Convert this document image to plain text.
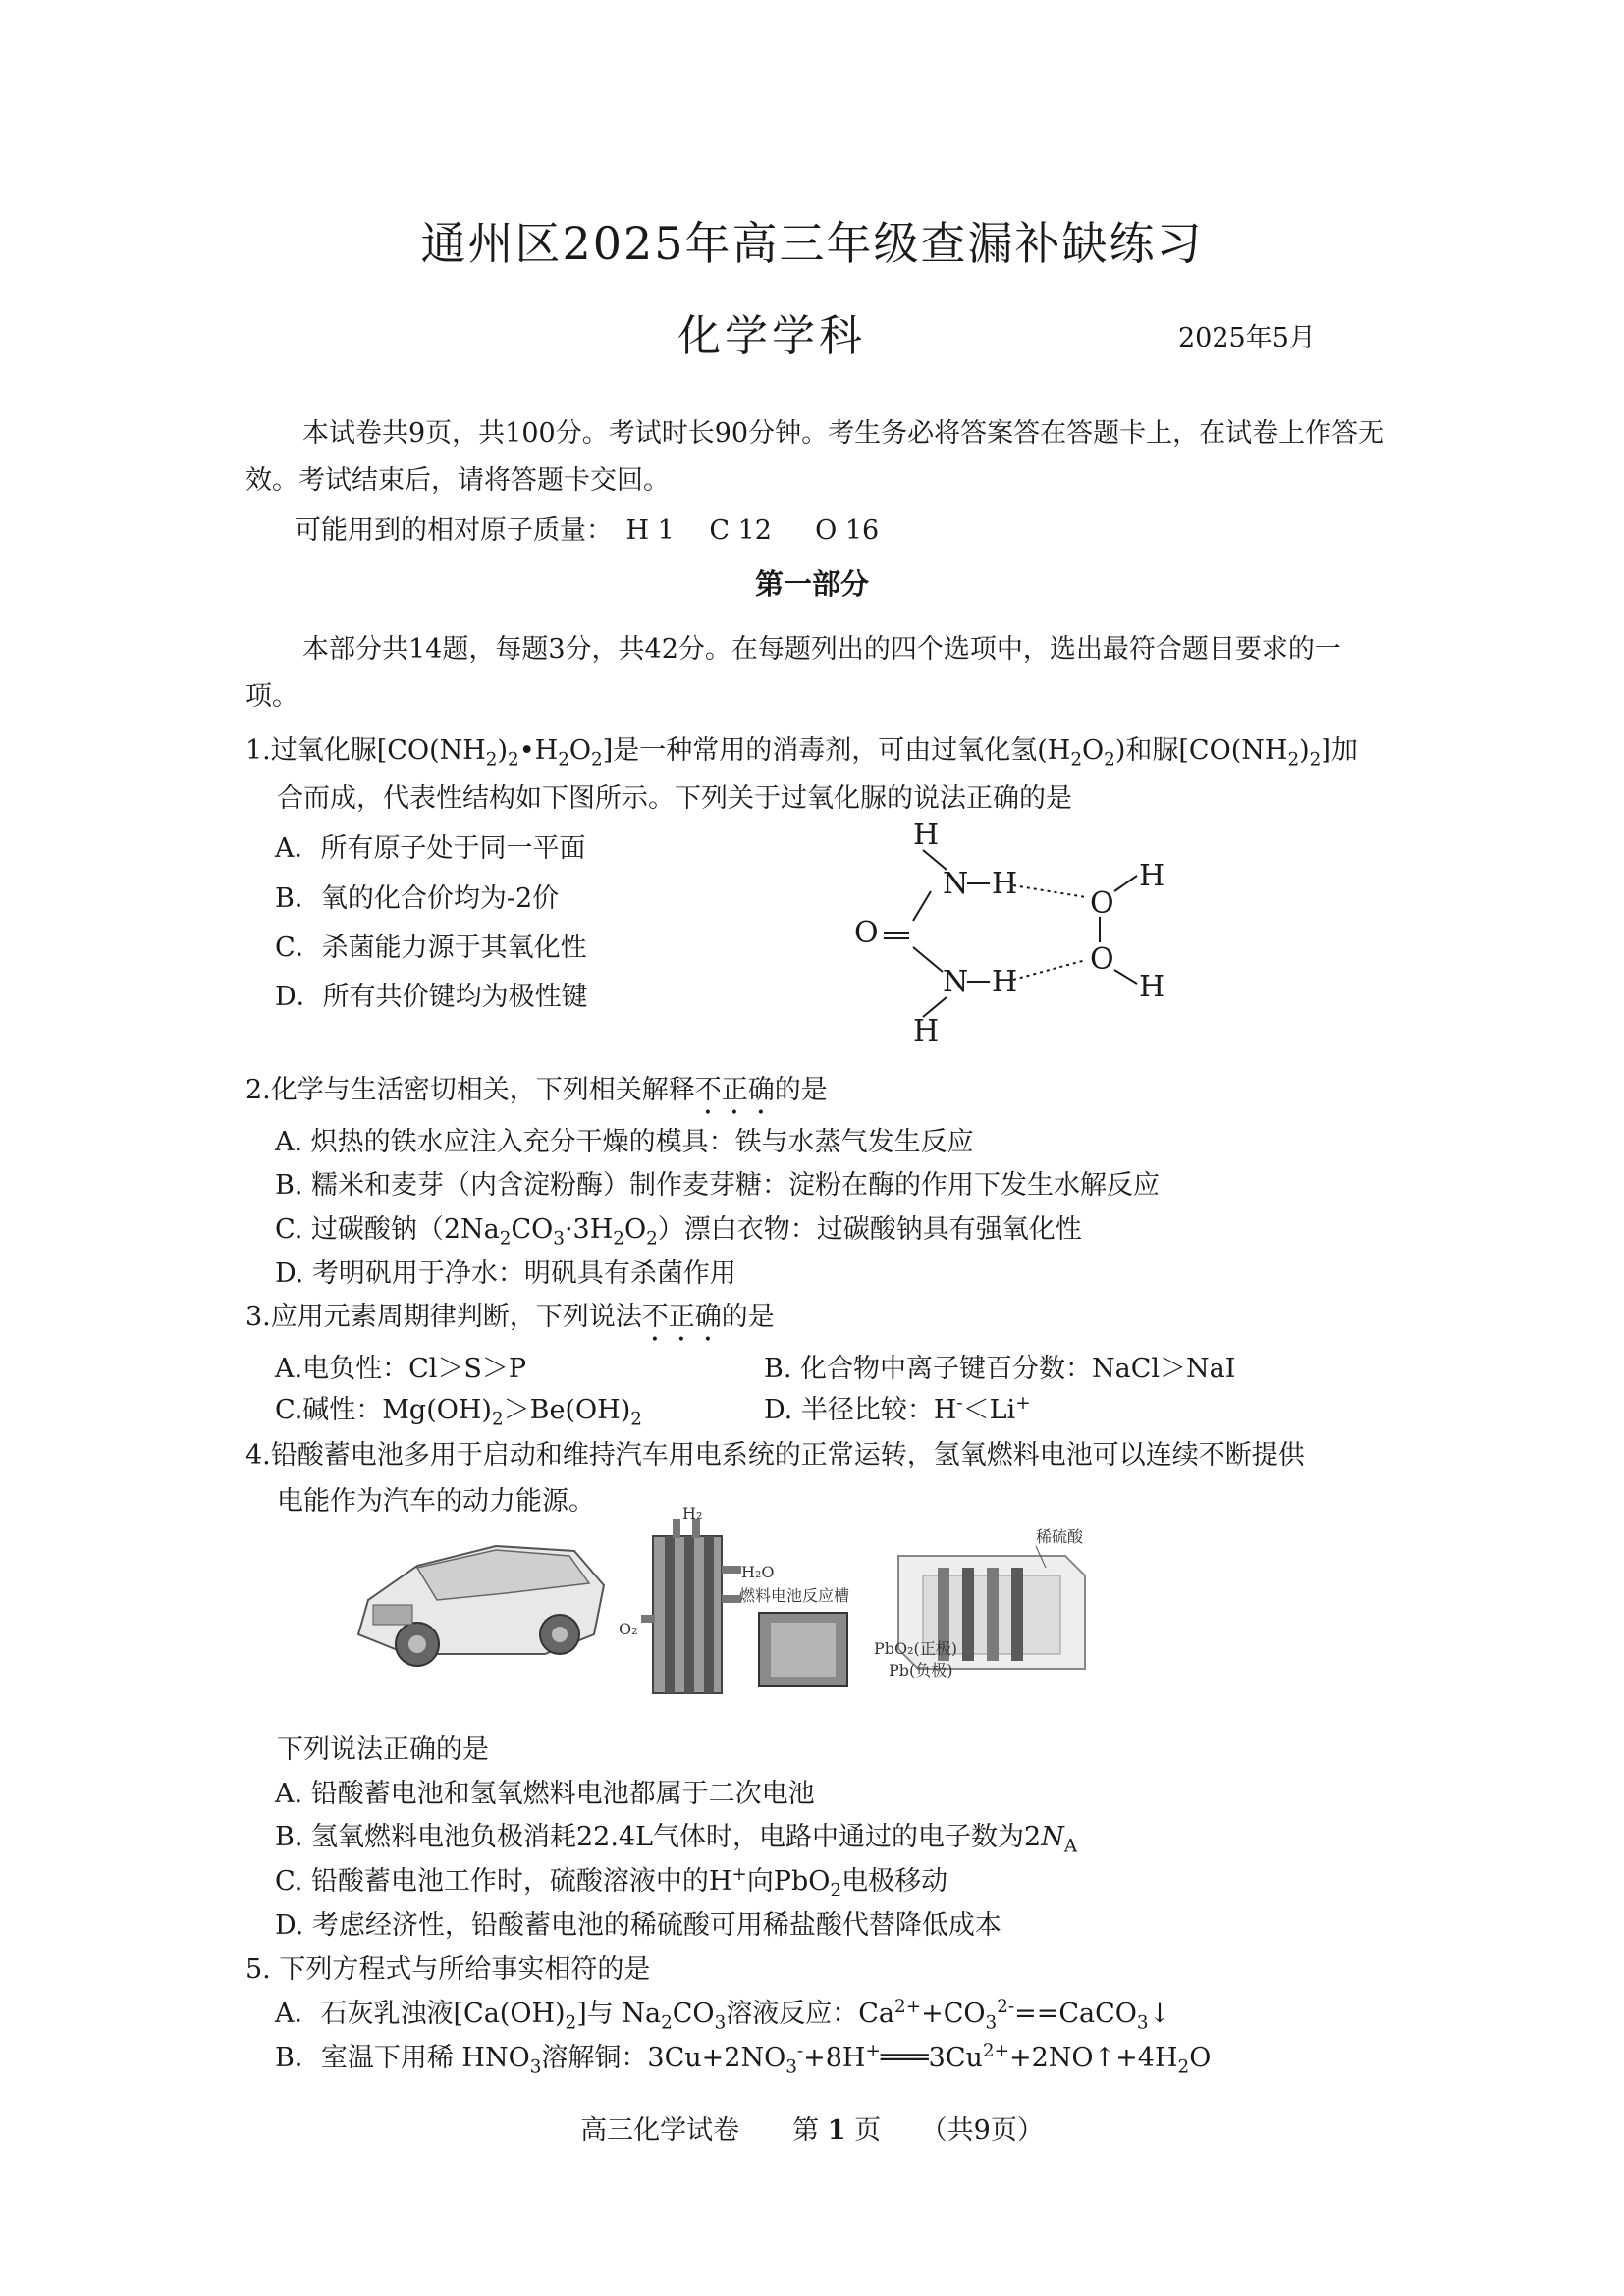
通州区2025年高三年级查漏补缺练习
化学学科	2025年5月
本试卷共9页，共100分。考试时长90分钟。考生务必将答案答在答题卡上，在试卷上作答无效。考试结束后，请将答题卡交回。
可能用到的相对原子质量：　H 1　 C 12 　 O 16
第一部分
本部分共14题，每题3分，共42分。在每题列出的四个选项中，选出最符合题目要求的一项。
1.过氧化脲$[CO(NH_2)_2•H_2O_2]$是一种常用的消毒剂，可由过氧化氢$(H_2O_2)$和脲$[CO(NH_2)_2]$加
合而成，代表性结构如下图所示。下列关于过氧化脲的说法正确的是
A．所有原子处于同一平面
B．氧的化合价均为-2价
C．杀菌能力源于其氧化性
D．所有共价键均为极性键
H
N H
O
N H
H
O
O
H
H
2.化学与生活密切相关，下列相关解释不正确的是
A. 炽热的铁水应注入充分干燥的模具：铁与水蒸气发生反应
B. 糯米和麦芽（内含淀粉酶）制作麦芽糖：淀粉在酶的作用下发生水解反应
C. 过碳酸钠$(2Na_2CO_3\cdot 3H_2O_2)$漂白衣物：过碳酸钠具有强氧化性
D. 考明矾用于净水：明矾具有杀菌作用
3.应用元素周期律判断，下列说法不正确的是
A.电负性：Cl＞S＞P	B. 化合物中离子键百分数：NaCl＞NaI
C.碱性：$Mg(OH)_2>Be(OH)_2$	D. 半径比较：H-＜Li+
4.铅酸蓄电池多用于启动和维持汽车用电系统的正常运转，氢氧燃料电池可以连续不断提供
电能作为汽车的动力能源。	H₂
H₂O
O₂
燃料电池反应槽
稀硫酸
PbO₂(正极)
Pb(负极)
下列说法正确的是
A. 铅酸蓄电池和氢氧燃料电池都属于二次电池
B. 氢氧燃料电池负极消耗22.4L气体时，电路中通过的电子数为$2N_A$
C. 铅酸蓄电池工作时，硫酸溶液中的H+向PbO$_2$电极移动
D. 考虑经济性，铅酸蓄电池的稀硫酸可用稀盐酸代替降低成本
5. 下列方程式与所给事实相符的是
A．石灰乳浊液$[Ca(OH)_2]$与 $Na_2CO_3$溶液反应：$Ca^{2+}+CO_3^{2-}==CaCO_3↓$
B．室温下用稀 $HNO_3$溶解铜：$3Cu+2NO_3^-+8H^+═══3Cu^{2+}+2NO↑+4H_2O$
高三化学试卷　　 第 1 页　　 （共9页）
